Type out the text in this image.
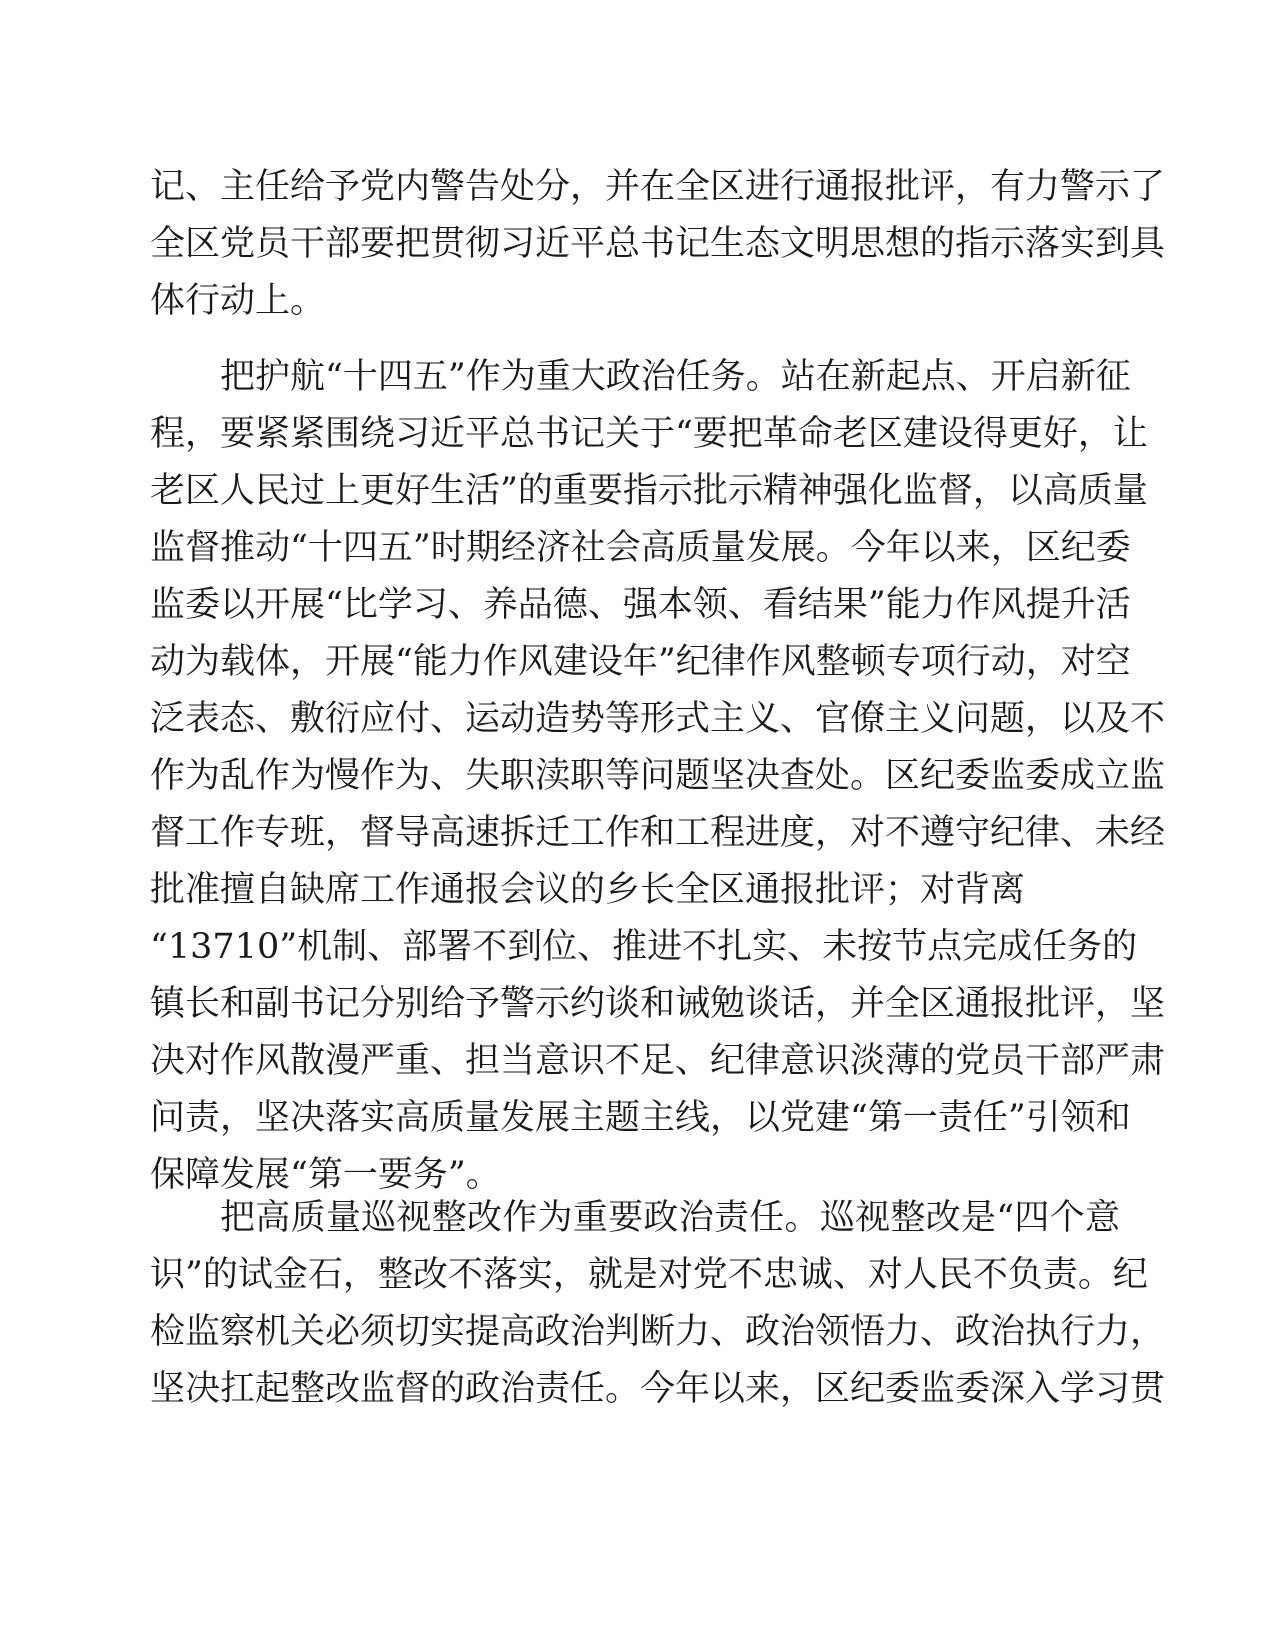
记、主任给予党内警告处分，并在全区进行通报批评，有力警示了
全区党员干部要把贯彻习近平总书记生态文明思想的指示落实到具
体行动上。
把护航“十四五”作为重大政治任务。站在新起点、开启新征
程，要紧紧围绕习近平总书记关于“要把革命老区建设得更好，让
老区人民过上更好生活”的重要指示批示精神强化监督，以高质量
监督推动“十四五”时期经济社会高质量发展。今年以来，区纪委
监委以开展“比学习、养品德、强本领、看结果”能力作风提升活
动为载体，开展“能力作风建设年”纪律作风整顿专项行动，对空
泛表态、敷衍应付、运动造势等形式主义、官僚主义问题，以及不
作为乱作为慢作为、失职渎职等问题坚决查处。区纪委监委成立监
督工作专班，督导高速拆迁工作和工程进度，对不遵守纪律、未经
批准擅自缺席工作通报会议的乡长全区通报批评；对背离
“13710”机制、部署不到位、推进不扎实、未按节点完成任务的
镇长和副书记分别给予警示约谈和诫勉谈话，并全区通报批评，坚
决对作风散漫严重、担当意识不足、纪律意识淡薄的党员干部严肃
问责，坚决落实高质量发展主题主线，以党建“第一责任”引领和
保障发展“第一要务”。
把高质量巡视整改作为重要政治责任。巡视整改是“四个意
识”的试金石，整改不落实，就是对党不忠诚、对人民不负责。纪
检监察机关必须切实提高政治判断力、政治领悟力、政治执行力，
坚决扛起整改监督的政治责任。今年以来，区纪委监委深入学习贯
